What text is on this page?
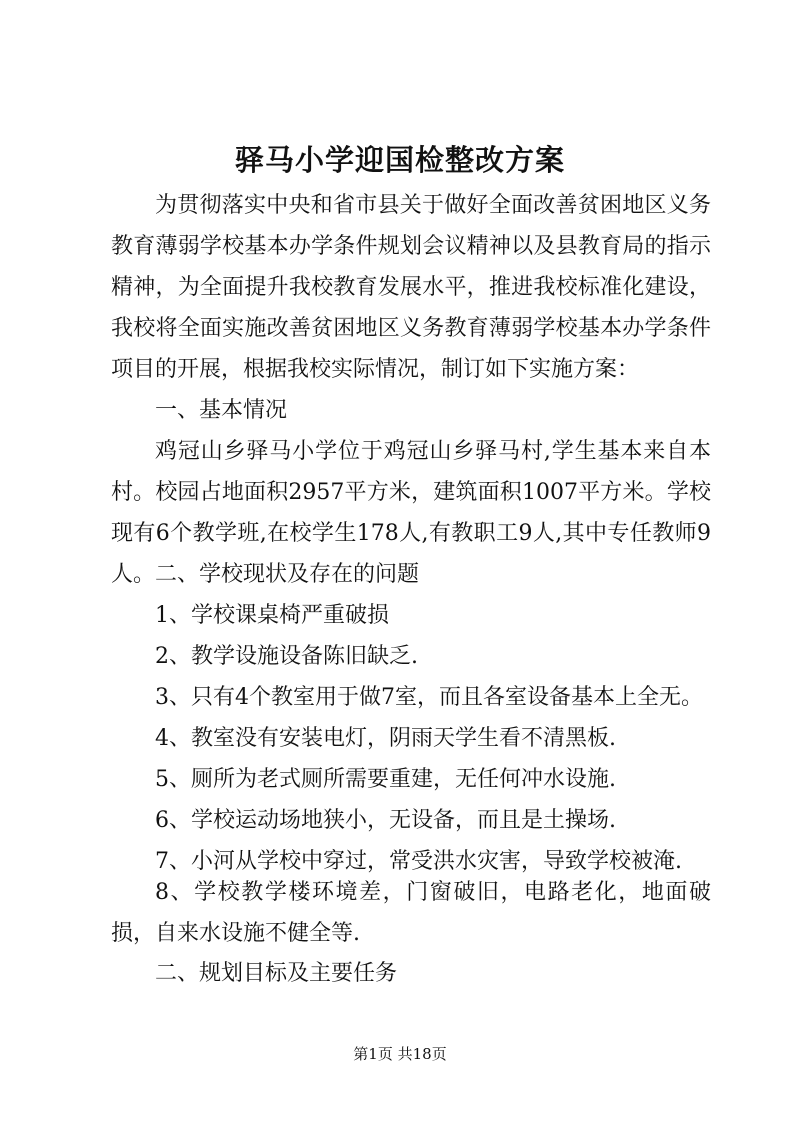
驿马小学迎国检整改方案

为贯彻落实中央和省市县关于做好全面改善贫困地区义务教育薄弱学校基本办学条件规划会议精神以及县教育局的指示精神，为全面提升我校教育发展水平，推进我校标准化建设，我校将全面实施改善贫困地区义务教育薄弱学校基本办学条件项目的开展，根据我校实际情况，制订如下实施方案：

一、基本情况

鸡冠山乡驿马小学位于鸡冠山乡驿马村,学生基本来自本村。校园占地面积2957平方米，建筑面积1007平方米。学校现有6个教学班,在校学生178人,有教职工9人,其中专任教师9人。 二、学校现状及存在的问题

1、学校课桌椅严重破损

2、教学设施设备陈旧缺乏.

3、只有4个教室用于做7室，而且各室设备基本上全无。

4、教室没有安装电灯，阴雨天学生看不清黑板.

5、厕所为老式厕所需要重建，无任何冲水设施.

6、学校运动场地狭小，无设备，而且是土操场.

7、小河从学校中穿过，常受洪水灾害，导致学校被淹.

8、学校教学楼环境差，门窗破旧，电路老化，地面破损，自来水设施不健全等.

二、规划目标及主要任务

第1页 共18页
